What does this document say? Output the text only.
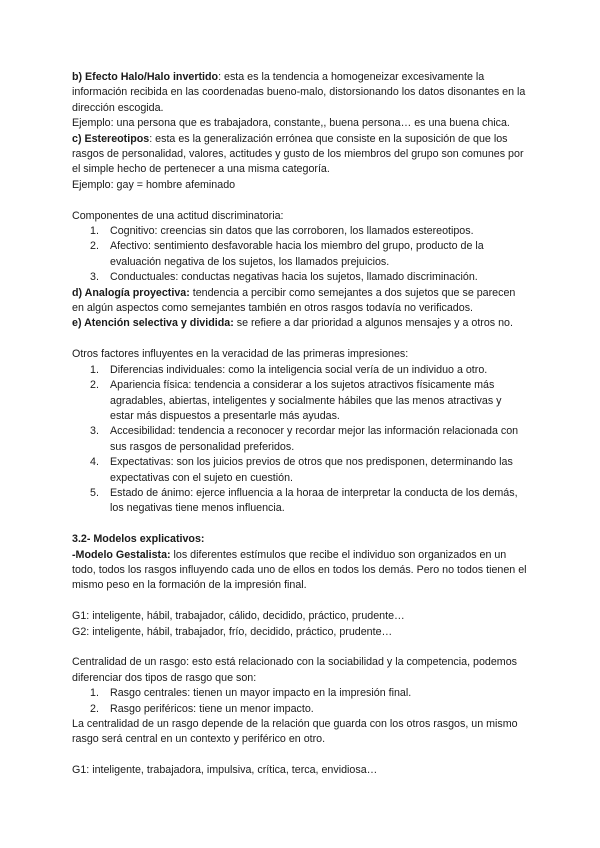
b) Efecto Halo/Halo invertido: esta es la tendencia a homogeneizar excesivamente la información recibida en las coordenadas bueno-malo, distorsionando los datos disonantes en la dirección escogida.

Ejemplo: una persona que es trabajadora, constante,, buena persona… es una buena chica.

c) Estereotipos: esta es la generalización errónea que consiste en la suposición de que los rasgos de personalidad, valores, actitudes y gusto de los miembros del grupo son comunes por el simple hecho de pertenecer a una misma categoría.

Ejemplo: gay = hombre afeminado

Componentes de una actitud discriminatoria:

1. Cognitivo: creencias sin datos que las corroboren, los llamados estereotipos.
2. Afectivo: sentimiento desfavorable hacia los miembro del grupo, producto de la evaluación negativa de los sujetos, los llamados prejuicios.
3. Conductuales: conductas negativas hacia los sujetos, llamado discriminación.

d) Analogía proyectiva: tendencia a percibir como semejantes a dos sujetos que se parecen en algún aspectos como semejantes también en otros rasgos todavía no verificados.

e) Atención selectiva y dividida: se refiere a dar prioridad a algunos mensajes y a otros no.

Otros factores influyentes en la veracidad de las primeras impresiones:

1. Diferencias individuales: como la inteligencia social vería de un individuo a otro.
2. Apariencia física: tendencia a considerar a los sujetos atractivos físicamente más agradables, abiertas, inteligentes y socialmente hábiles que las menos atractivas y estar más dispuestos a presentarle más ayudas.
3. Accesibilidad: tendencia a reconocer y recordar mejor las información relacionada con sus rasgos de personalidad preferidos.
4. Expectativas: son los juicios previos de otros que nos predisponen, determinando las expectativas con el sujeto en cuestión.
5. Estado de ánimo: ejerce influencia a la horaa de interpretar la conducta de los demás, los negativas tiene menos influencia.

3.2- Modelos explicativos:

-Modelo Gestalista: los diferentes estímulos que recibe el individuo son organizados en un todo, todos los rasgos influyendo cada uno de ellos en todos los demás. Pero no todos tienen el mismo peso en la formación de la impresión final.

G1: inteligente, hábil, trabajador, cálido, decidido, práctico, prudente…

G2: inteligente, hábil, trabajador, frío, decidido, práctico, prudente…

Centralidad de un rasgo: esto está relacionado con la sociabilidad y la competencia, podemos diferenciar dos tipos de rasgo que son:

1. Rasgo centrales: tienen un mayor impacto en la impresión final.
2. Rasgo periféricos: tiene un menor impacto.

La centralidad de un rasgo depende de la relación que guarda con los otros rasgos, un mismo rasgo será central en un contexto y periférico en otro.

G1: inteligente, trabajadora, impulsiva, crítica, terca, envidiosa…
